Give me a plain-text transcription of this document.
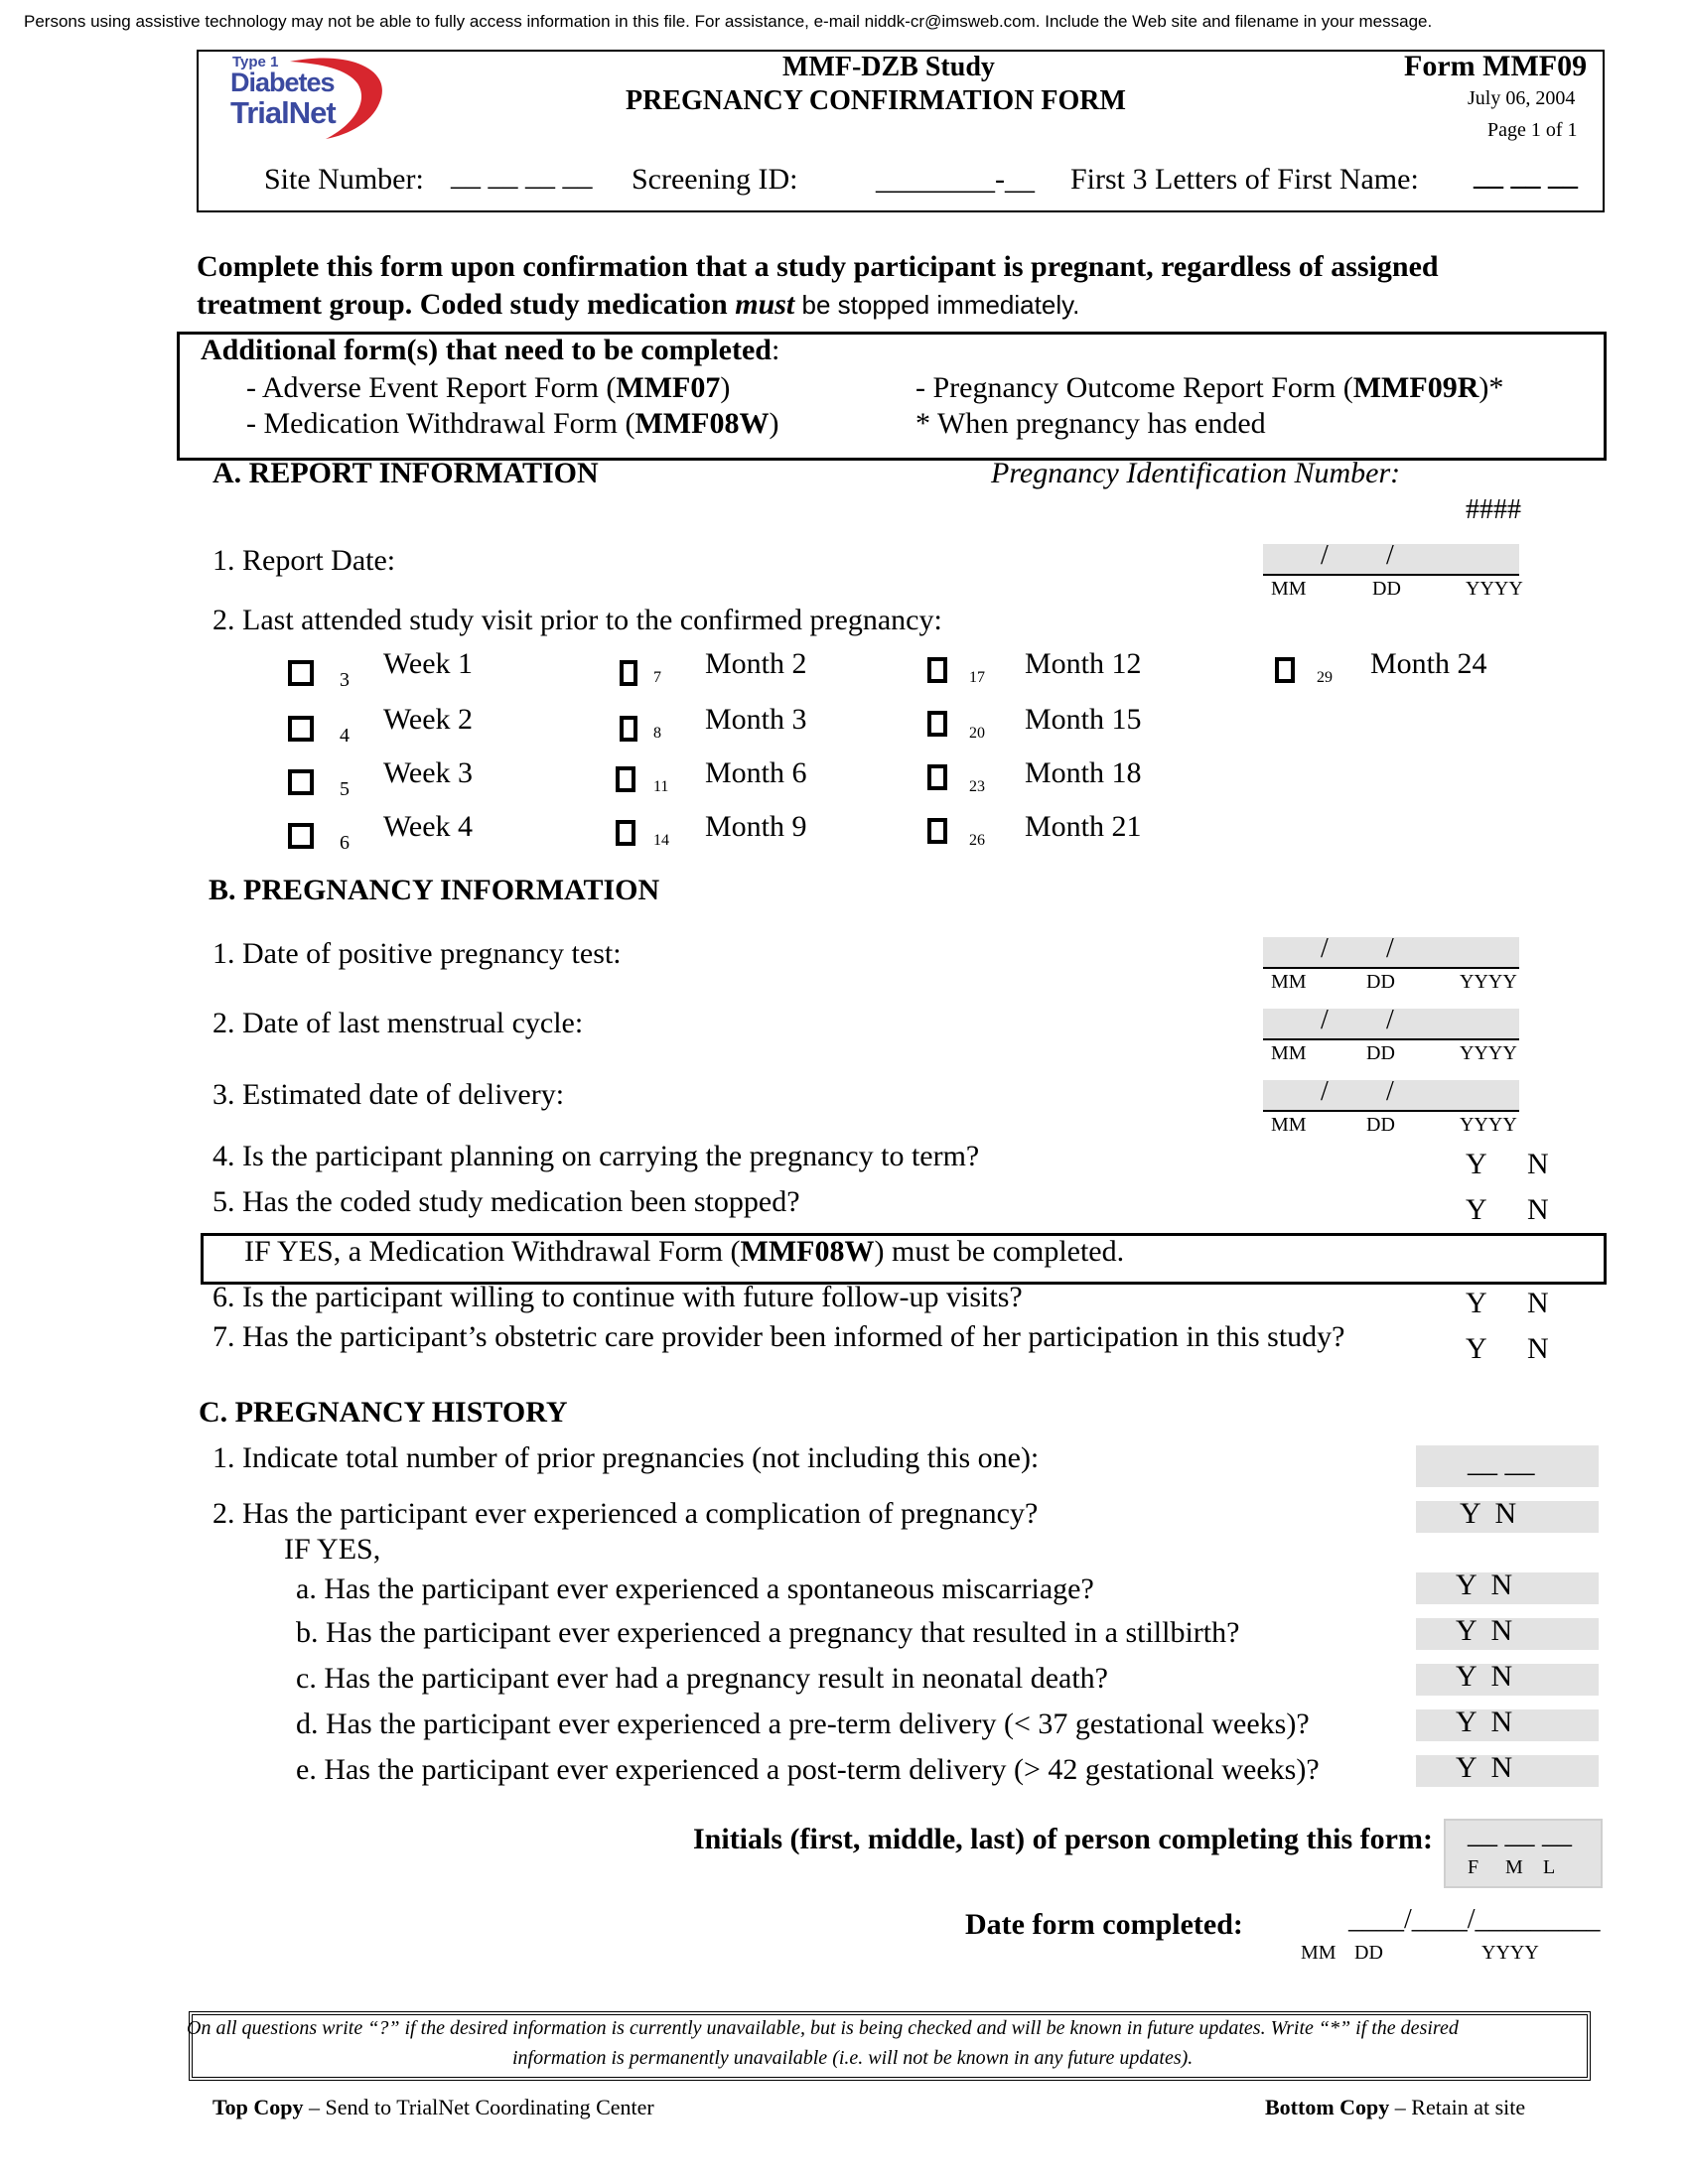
Persons using assistive technology may not be able to fully access information in this file. For assistance, e-mail niddk-cr@imsweb.com. Include the Web site and filename in your message.
Type 1
Diabetes
TrialNet
MMF-DZB Study
PREGNANCY CONFIRMATION FORM
Form MMF09
July 06, 2004
Page 1 of 1
Site Number: __ __ __ __ Screening ID:	________-__ First 3 Letters of First Name: __ __ __
Complete this form upon confirmation that a study participant is pregnant, regardless of assigned
treatment group. Coded study medication must be stopped immediately.
Additional form(s) that need to be completed:
- Adverse Event Report Form (MMF07)
- Medication Withdrawal Form (MMF08W)
- Pregnancy Outcome Report Form (MMF09R)*
* When pregnancy has ended
A. REPORT INFORMATION	Pregnancy Identification Number:
####
1. Report Date:	/ /
MM	DD	YYYY
2. Last attended study visit prior to the confirmed pregnancy:
3 Week 1
4 Week 2
5 Week 3
6 Week 4
7 Month 2
8 Month 3
11 Month 6
14 Month 9
17 Month 12
20 Month 15
23 Month 18
26 Month 21
29 Month 24
B. PREGNANCY INFORMATION
1. Date of positive pregnancy test:	/ /
MM	DD	YYYY
2. Date of last menstrual cycle:	/ /
MM	DD	YYYY
3. Estimated date of delivery:	/ /
MM	DD	YYYY
4. Is the participant planning on carrying the pregnancy to term?	Y N
5. Has the coded study medication been stopped?	Y N
IF YES, a Medication Withdrawal Form (MMF08W) must be completed.
6. Is the participant willing to continue with future follow-up visits?	Y N
7. Has the participant’s obstetric care provider been informed of her participation in this study?	Y N
C. PREGNANCY HISTORY
1. Indicate total number of prior pregnancies (not including this one):	__ __
2. Has the participant ever experienced a complication of pregnancy?	Y  N
IF YES,
a. Has the participant ever experienced a spontaneous miscarriage?	Y  N
b. Has the participant ever experienced a pregnancy that resulted in a stillbirth?	Y  N
c. Has the participant ever had a pregnancy result in neonatal death?	Y  N
d. Has the participant ever experienced a pre-term delivery (< 37 gestational weeks)?	Y  N
e. Has the participant ever experienced a post-term delivery (> 42 gestational weeks)?	Y  N
Initials (first, middle, last) of person completing this form: __ __ __
F M L
Date form completed:	____/____/_________
MM DD	YYYY
On all questions write “?” if the desired information is currently unavailable, but is being checked and will be known in future updates. Write “*” if the desired
information is permanently unavailable (i.e. will not be known in any future updates).
Top Copy – Send to TrialNet Coordinating Center	Bottom Copy – Retain at site
